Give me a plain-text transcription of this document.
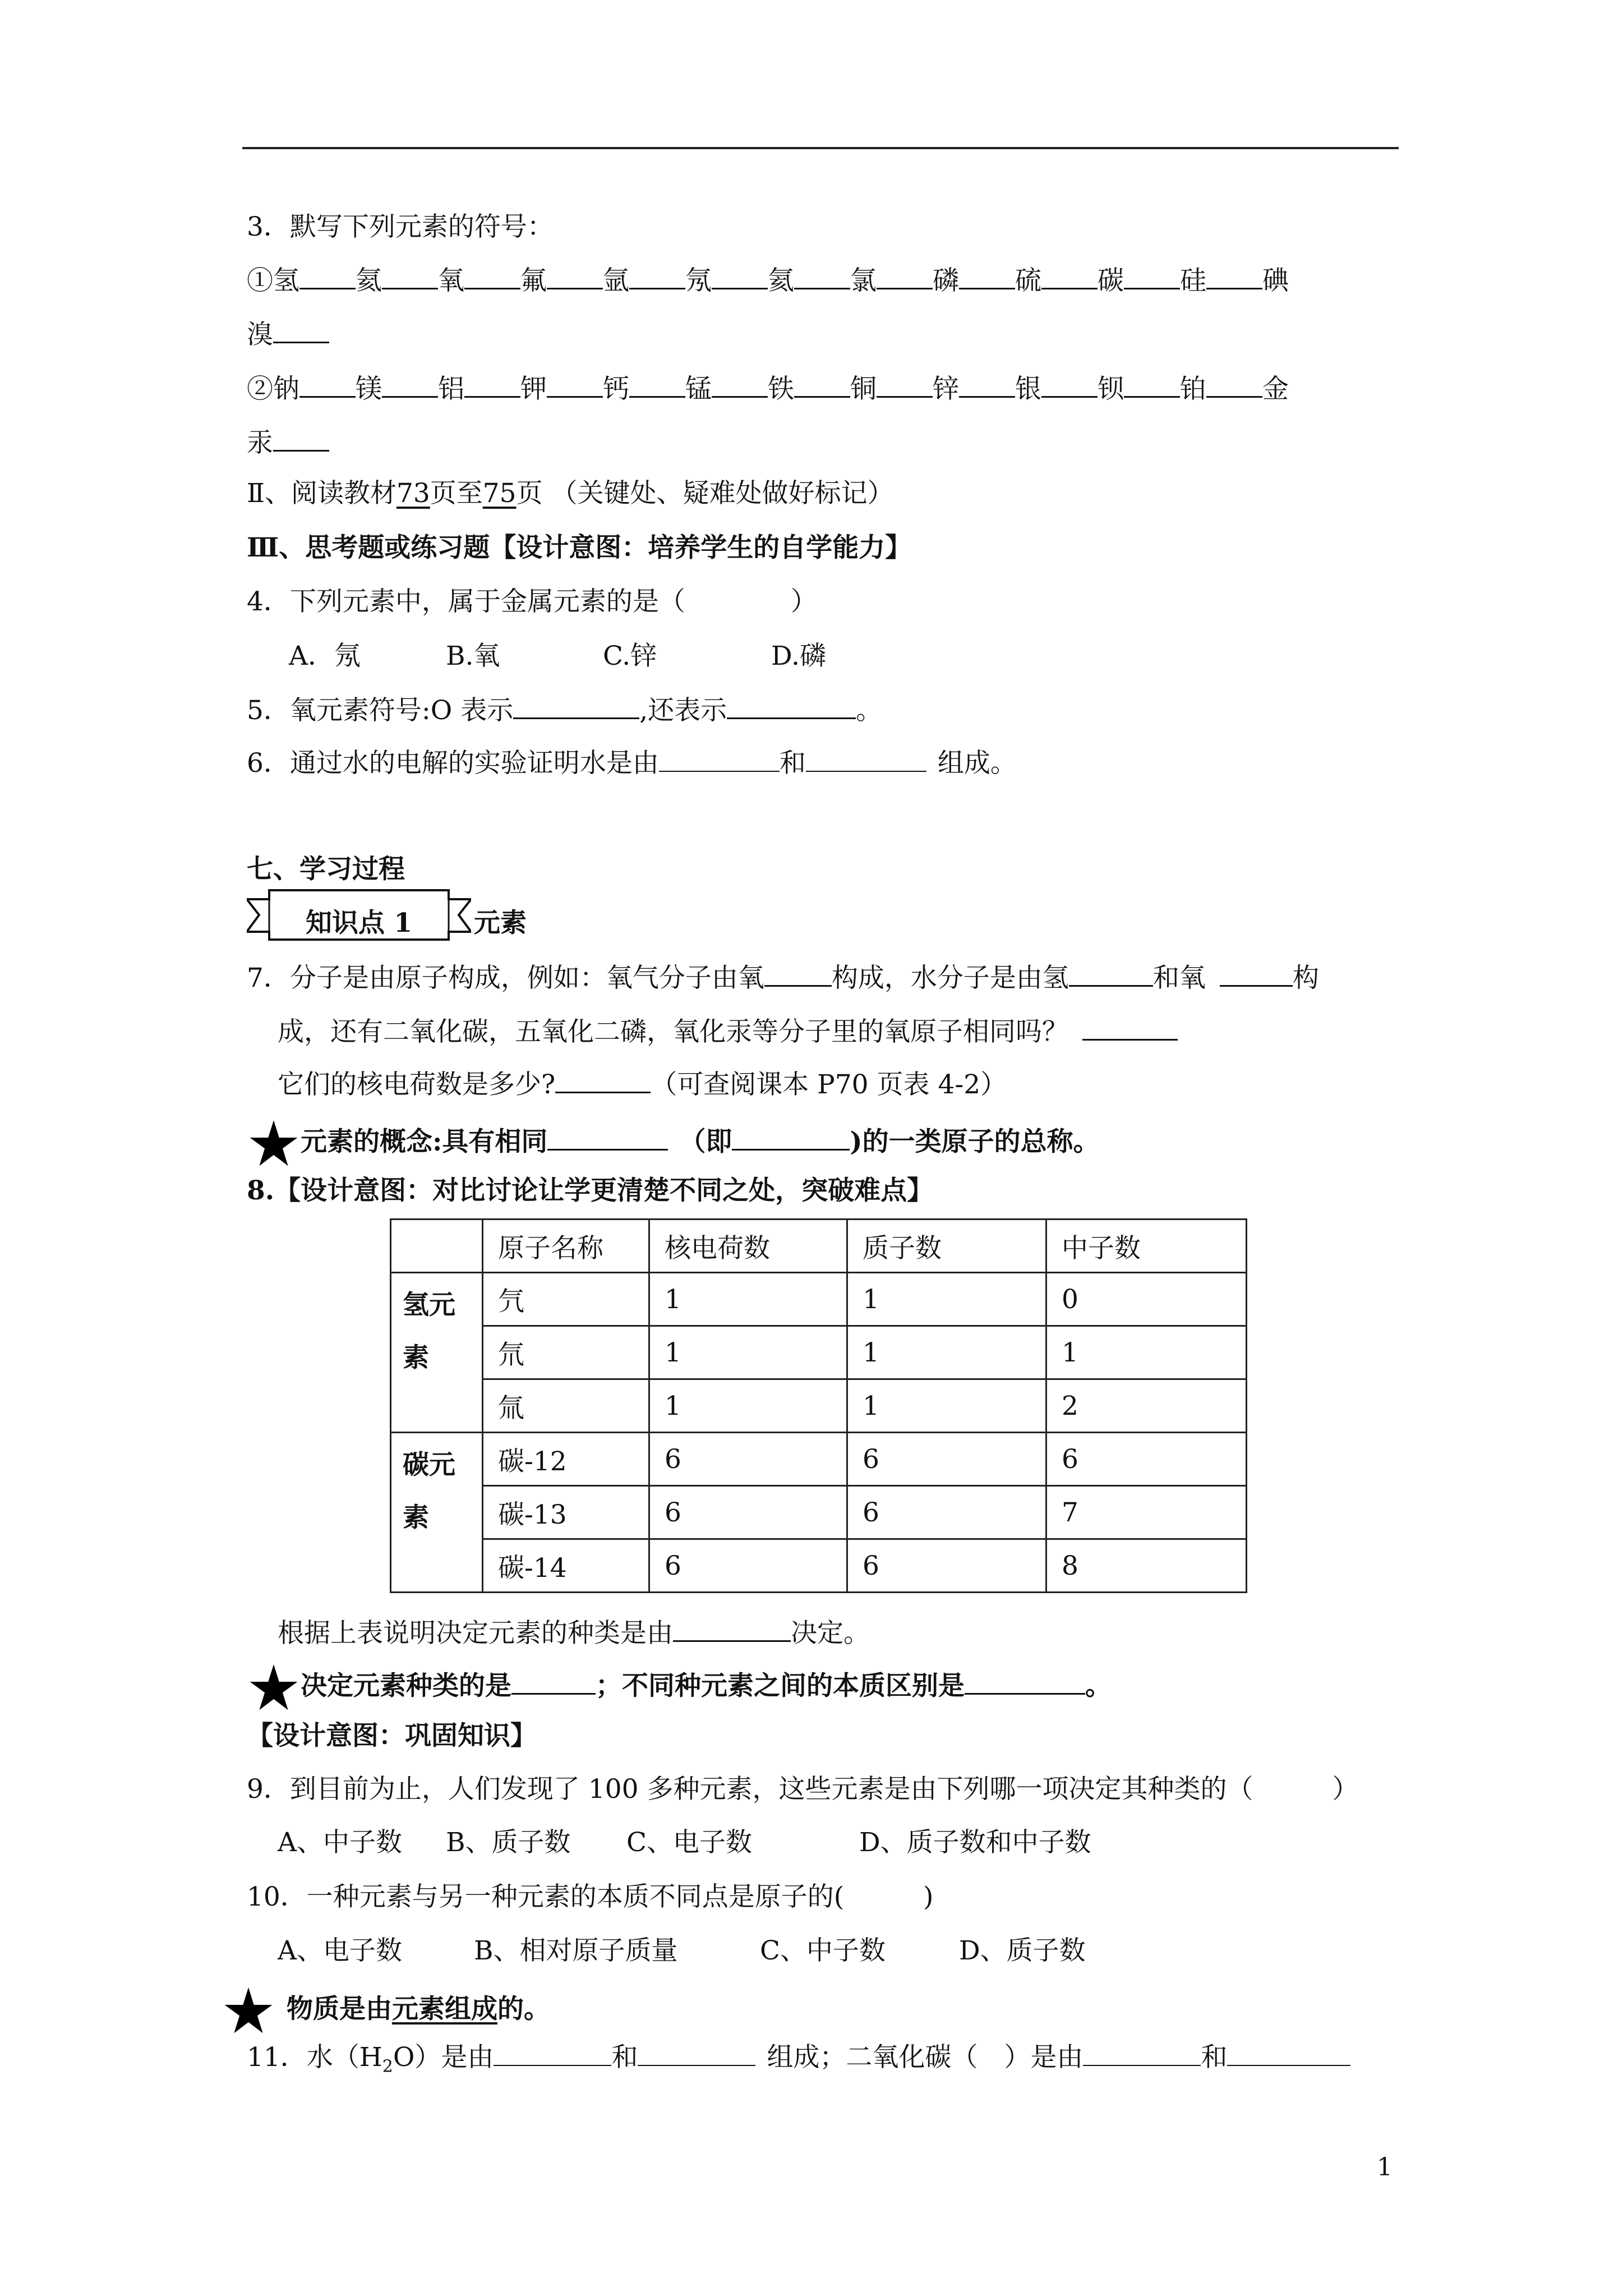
3．默写下列元素的符号：
①氢 氦 氧 氟 氩 氖 氦 氯 磷 硫 碳 硅 碘
溴
②钠 镁 铝 钾 钙 锰 铁 铜 锌 银 钡 铂 金
汞
Ⅱ、阅读教材73页至75页 （关键处、疑难处做好标记）
Ⅲ、思考题或练习题【设计意图：培养学生的自学能力】
4．下列元素中，属于金属元素的是（　　　　）
A．氖	B.氧	C.锌	D.磷
5．氧元素符号:O 表示	,还表示	。
6．通过水的电解的实验证明水是由	和	组成。
七、学习过程
知识点 1 元素
7．分子是由原子构成，例如：氧气分子由氧	构成，水分子是由氢	和氧	构
成，还有二氧化碳，五氧化二磷，氧化汞等分子里的氧原子相同吗？
它们的核电荷数是多少?	（可查阅课本 P70 页表 4-2）
元素的概念:具有相同	（即	)的一类原子的总称。
8.【设计意图：对比讨论让学更清楚不同之处，突破难点】
	原子名称	核电荷数	质子数	中子数
氢元
素	氕	1	1	0
	氘	1	1	1
	氚	1	1	2
碳元
素	碳-12	6	6	6
	碳-13	6	6	7
	碳-14	6	6	8
根据上表说明决定元素的种类是由	决定。
决定元素种类的是	；不同种元素之间的本质区别是	。
【设计意图：巩固知识】
9．到目前为止，人们发现了 100 多种元素，这些元素是由下列哪一项决定其种类的（　　　）
A、中子数 B、质子数 C、电子数	D、质子数和中子数
10．一种元素与另一种元素的本质不同点是原子的(　　　)
A、电子数	B、相对原子质量	C、中子数	D、质子数
物质是由元素组成的。
11．水$(H_2O)$是由	和	组成；二氧化碳（　）是由	和
1
